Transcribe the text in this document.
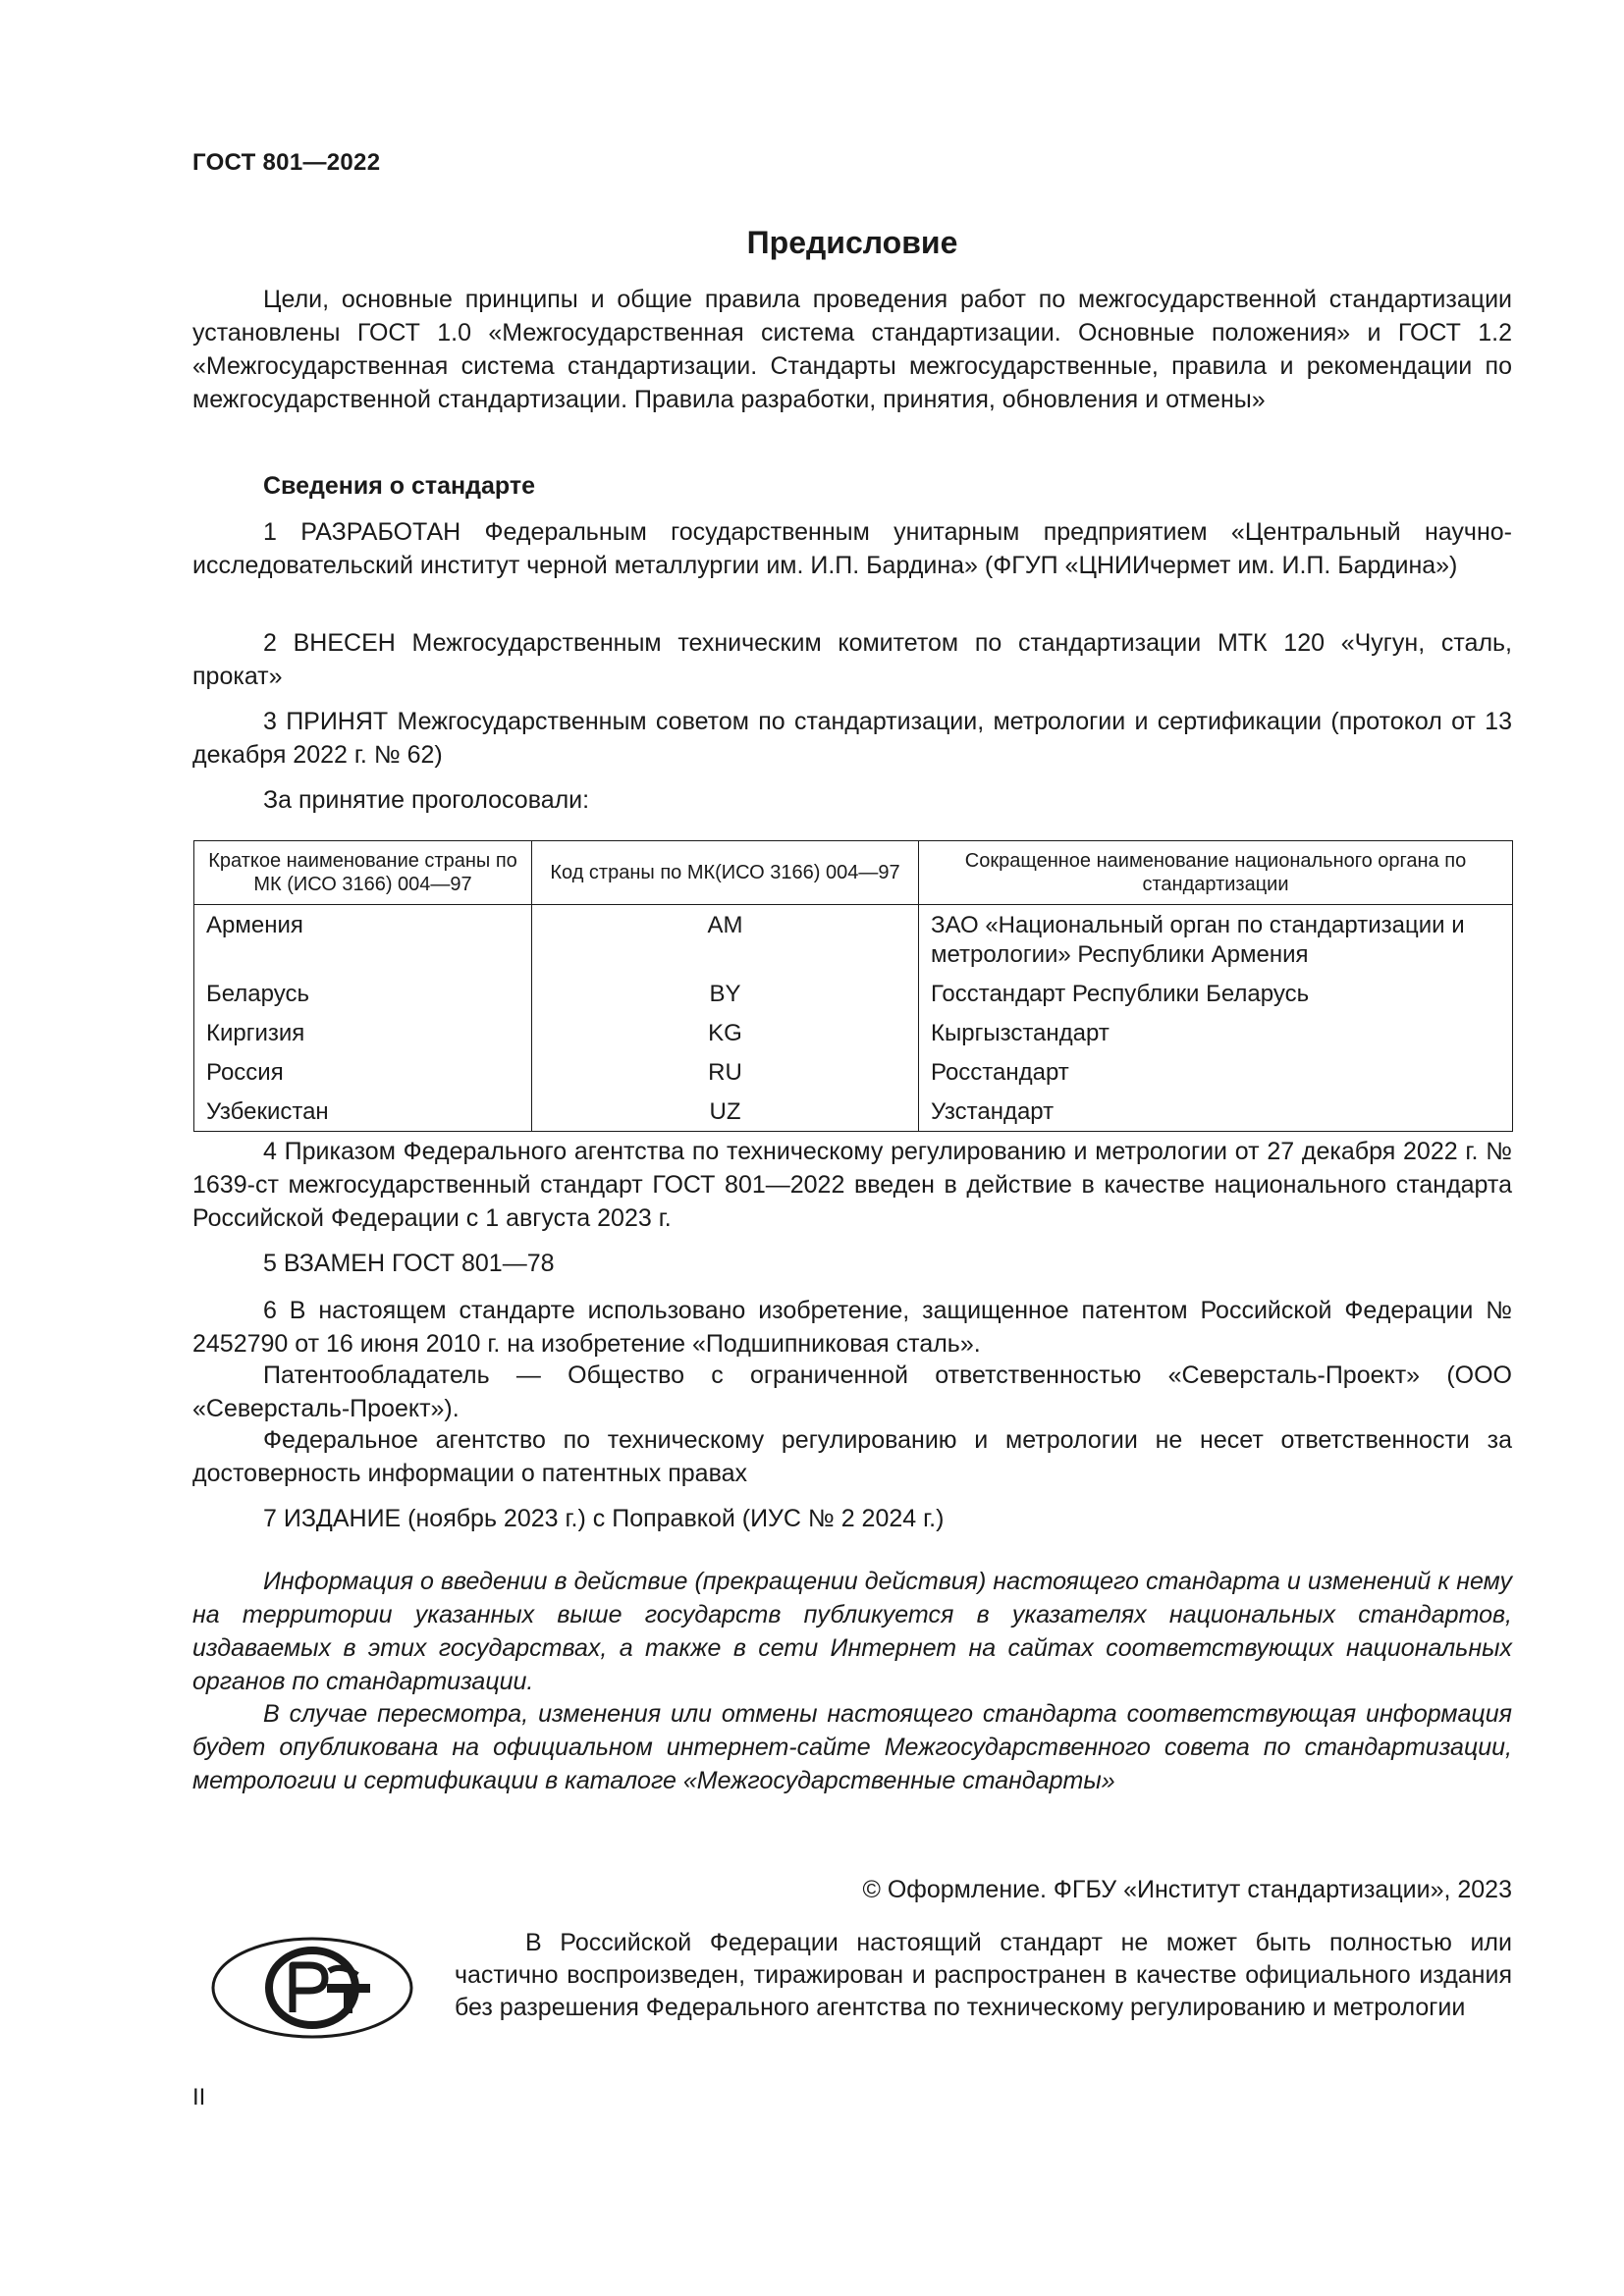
ГОСТ 801—2022
Предисловие

Цели, основные принципы и общие правила проведения работ по межгосударственной стандартизации установлены ГОСТ 1.0 «Межгосударственная система стандартизации. Основные положения» и ГОСТ 1.2 «Межгосударственная система стандартизации. Стандарты межгосударственные, правила и рекомендации по межгосударственной стандартизации. Правила разработки, принятия, обновления и отмены»

Сведения о стандарте

1 РАЗРАБОТАН Федеральным государственным унитарным предприятием «Центральный научно-исследовательский институт черной металлургии им. И.П. Бардина» (ФГУП «ЦНИИчермет им. И.П. Бардина»)

2 ВНЕСЕН Межгосударственным техническим комитетом по стандартизации МТК 120 «Чугун, сталь, прокат»

3 ПРИНЯТ Межгосударственным советом по стандартизации, метрологии и сертификации (протокол от 13 декабря 2022 г. № 62)

За принятие проголосовали:

Краткое наименование страны по МК (ИСО 3166) 004—97	Код страны по МК(ИСО 3166) 004—97	Сокращенное наименование национального органа по стандартизации
Армения	AM	ЗАО «Национальный орган по стандартизации и метрологии» Республики Армения
Беларусь	BY	Госстандарт Республики Беларусь
Киргизия	KG	Кыргызстандарт
Россия	RU	Росстандарт
Узбекистан	UZ	Узстандарт

4 Приказом Федерального агентства по техническому регулированию и метрологии от 27 декабря 2022 г. № 1639-ст межгосударственный стандарт ГОСТ 801—2022 введен в действие в качестве национального стандарта Российской Федерации с 1 августа 2023 г.

5 ВЗАМЕН ГОСТ 801—78

6 В настоящем стандарте использовано изобретение, защищенное патентом Российской Федерации № 2452790 от 16 июня 2010 г. на изобретение «Подшипниковая сталь».

Патентообладатель — Общество с ограниченной ответственностью «Северсталь-Проект» (ООО «Северсталь-Проект»).

Федеральное агентство по техническому регулированию и метрологии не несет ответственности за достоверность информации о патентных правах

7 ИЗДАНИЕ (ноябрь 2023 г.) с Поправкой (ИУС № 2 2024 г.)

Информация о введении в действие (прекращении действия) настоящего стандарта и изменений к нему на территории указанных выше государств публикуется в указателях национальных стандартов, издаваемых в этих государствах, а также в сети Интернет на сайтах соответствующих национальных органов по стандартизации.

В случае пересмотра, изменения или отмены настоящего стандарта соответствующая информация будет опубликована на официальном интернет-сайте Межгосударственного совета по стандартизации, метрологии и сертификации в каталоге «Межгосударственные стандарты»

© Оформление. ФГБУ «Институт стандартизации», 2023

В Российской Федерации настоящий стандарт не может быть полностью или частично воспроизведен, тиражирован и распространен в качестве официального издания без разрешения Федерального агентства по техническому регулированию и метрологии

II
